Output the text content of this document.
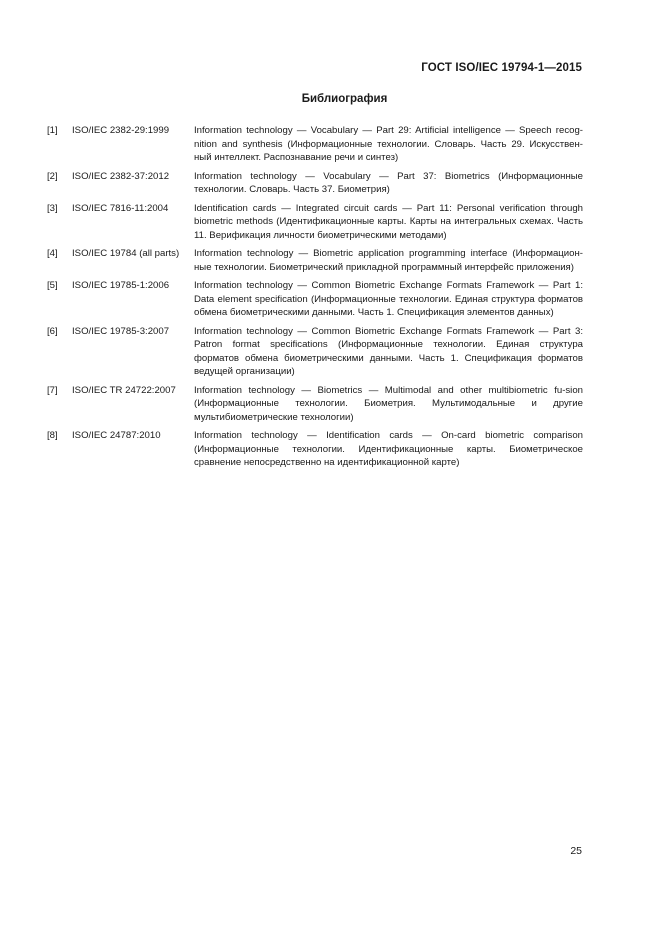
ГОСТ ISO/IEC 19794-1—2015
Библиография
[1]	ISO/IEC 2382-29:1999	Information technology — Vocabulary — Part 29: Artificial intelligence — Speech recog-nition and synthesis (Информационные технологии. Словарь. Часть 29. Искусствен-ный интеллект. Распознавание речи и синтез)
[2]	ISO/IEC 2382-37:2012	Information technology — Vocabulary — Part 37: Biometrics (Информационные технологии. Словарь. Часть 37. Биометрия)
[3]	ISO/IEC 7816-11:2004	Identification cards — Integrated circuit cards — Part 11: Personal verification through biometric methods (Идентификационные карты. Карты на интегральных схемах. Часть 11. Верификация личности биометрическими методами)
[4]	ISO/IEC 19784 (all parts)	Information technology — Biometric application programming interface (Информацион-ные технологии. Биометрический прикладной программный интерфейс приложения)
[5]	ISO/IEC 19785-1:2006	Information technology — Common Biometric Exchange Formats Framework — Part 1: Data element specification (Информационные технологии. Единая структура форматов обмена биометрическими данными. Часть 1. Спецификация элементов данных)
[6]	ISO/IEC 19785-3:2007	Information technology — Common Biometric Exchange Formats Framework — Part 3: Patron format specifications (Информационные технологии. Единая структура форматов обмена биометрическими данными. Часть 1. Спецификация форматов ведущей организации)
[7]	ISO/IEC TR 24722:2007	Information technology — Biometrics — Multimodal and other multibiometric fu-sion (Информационные технологии. Биометрия. Мультимодальные и другие мультибиометрические технологии)
[8]	ISO/IEC 24787:2010	Information technology — Identification cards — On-card biometric comparison (Информационные технологии. Идентификационные карты. Биометрическое сравнение непосредственно на идентификационной карте)
25
